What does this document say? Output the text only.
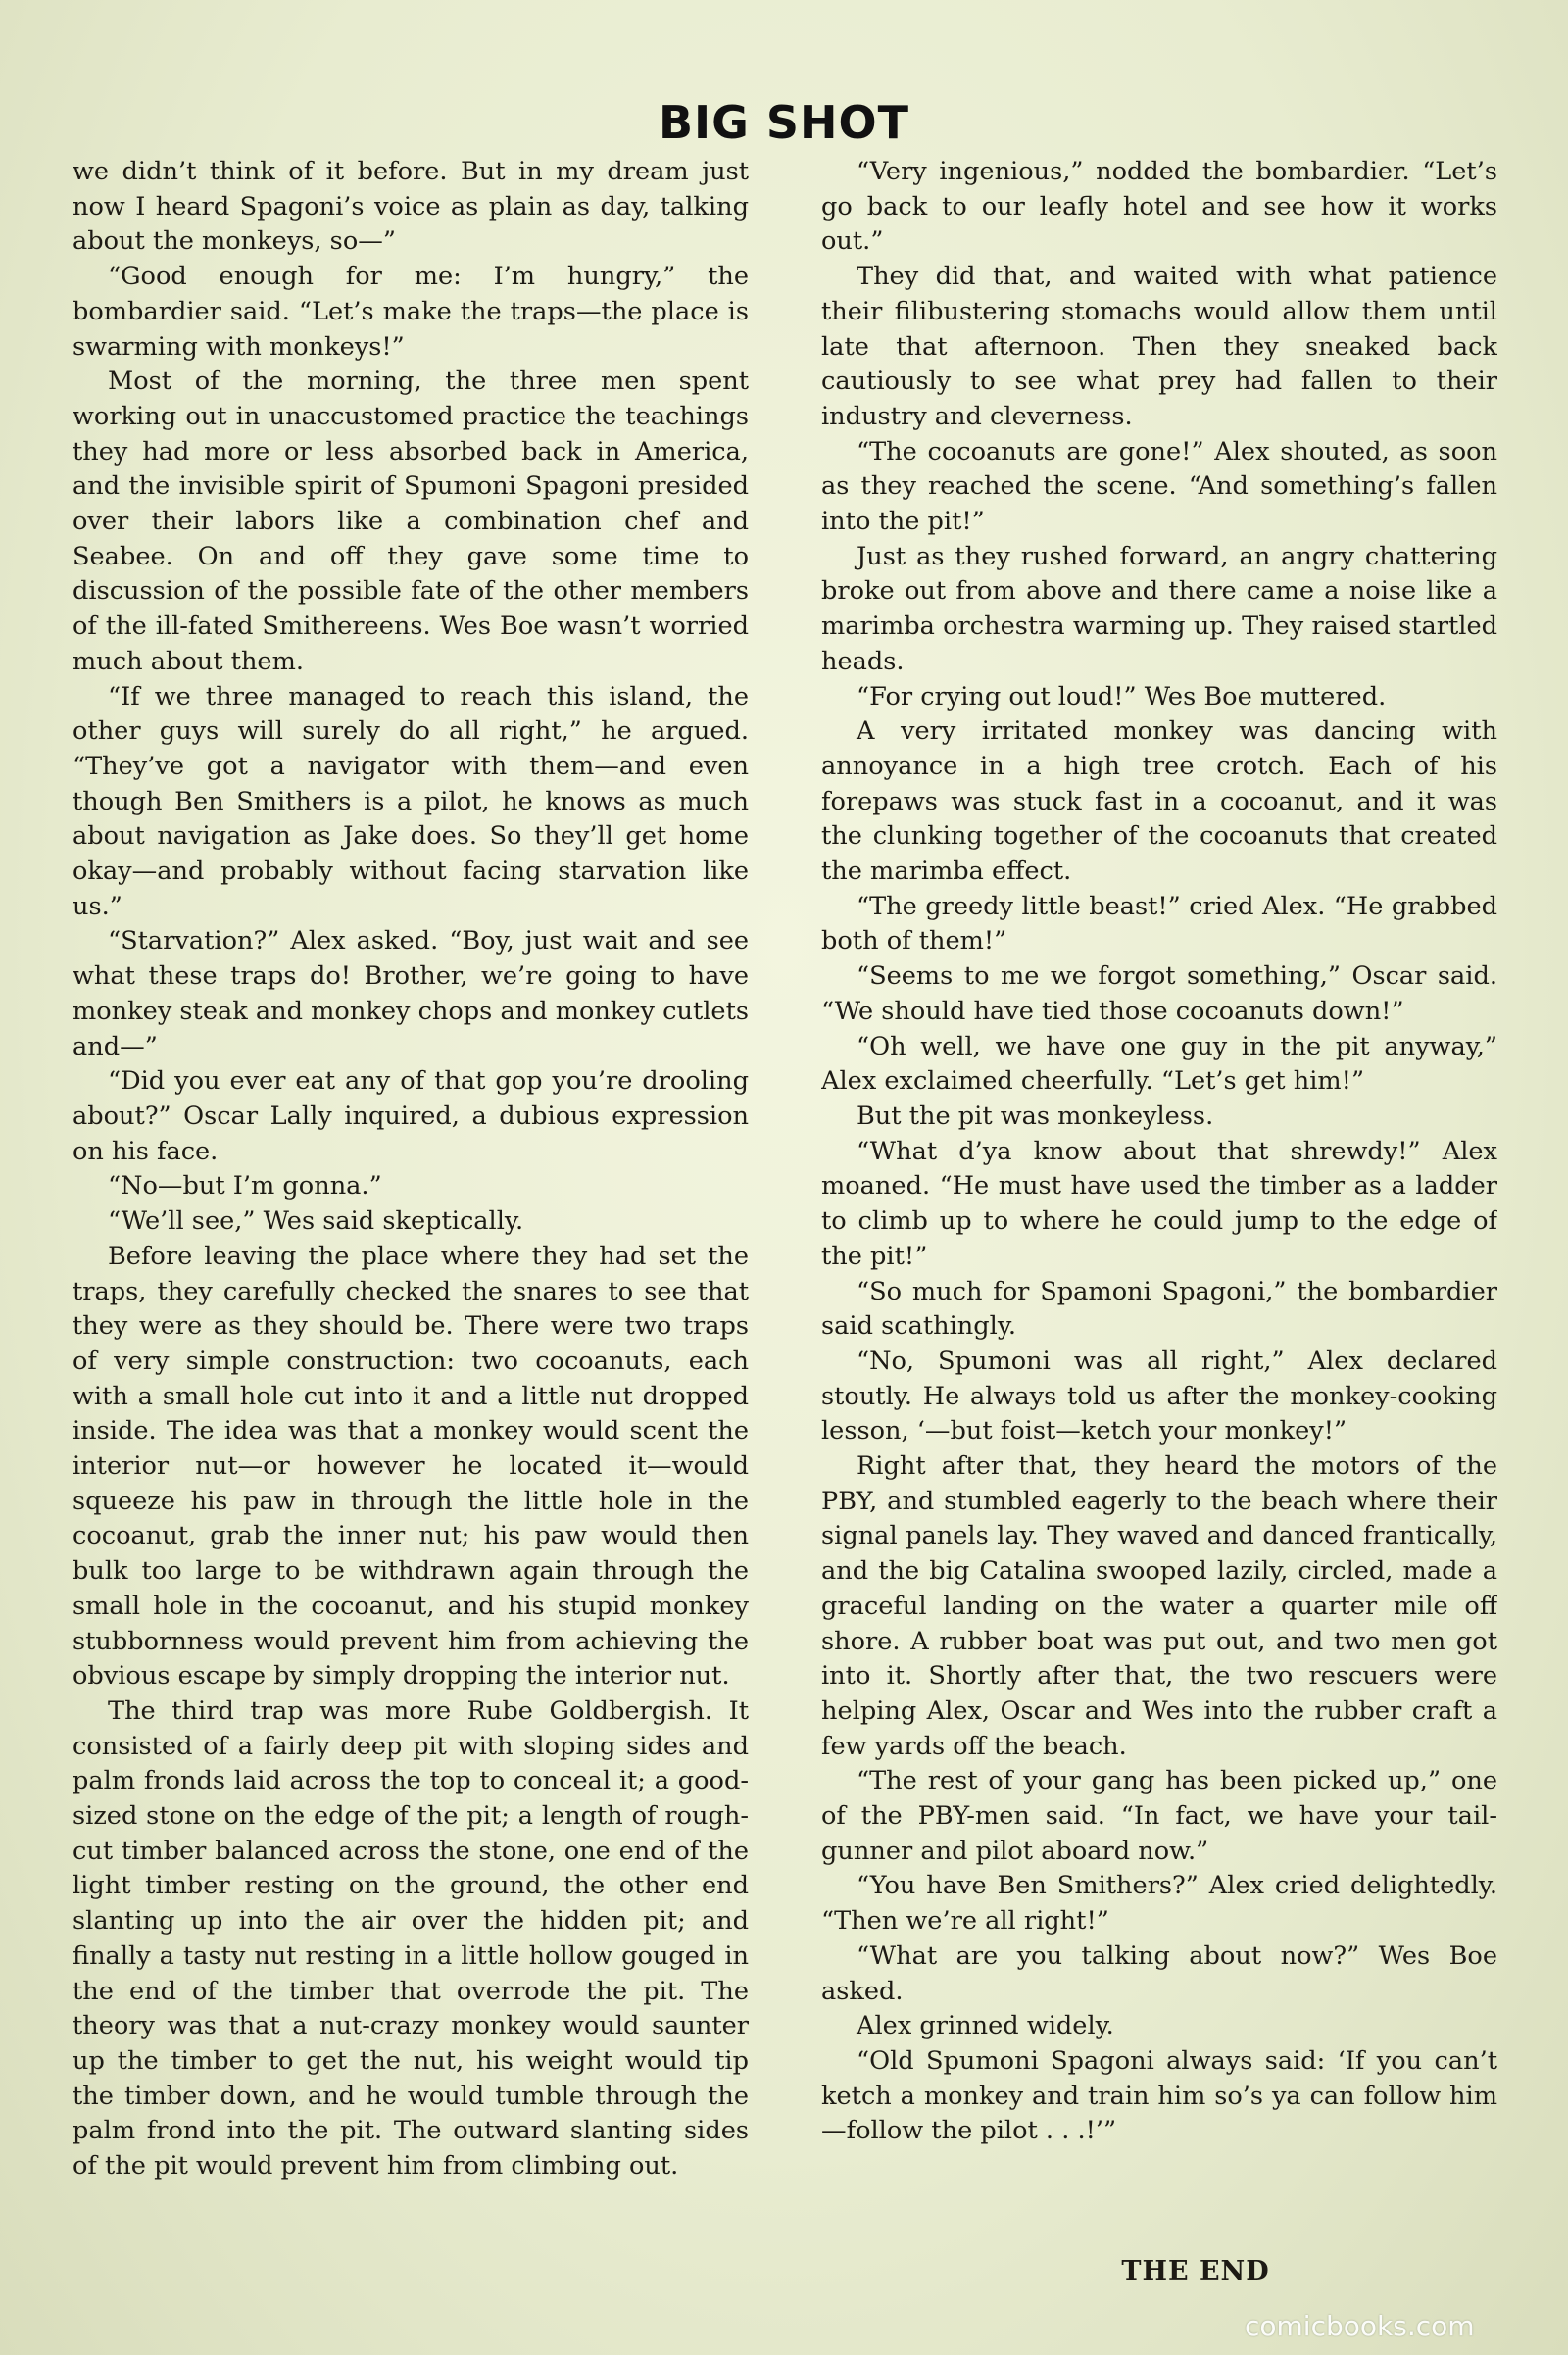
BIG SHOT

we didn’t think of it before. But in my dream just now I heard Spagoni’s voice as plain as day, talking about the monkeys, so—”

“Good enough for me: I’m hungry,” the bombardier said. “Let’s make the traps—the place is swarming with monkeys!”

Most of the morning, the three men spent working out in unaccustomed practice the teachings they had more or less absorbed back in America, and the invisible spirit of Spumoni Spagoni presided over their labors like a combination chef and Seabee. On and off they gave some time to discussion of the possible fate of the other members of the ill-fated Smithereens. Wes Boe wasn’t worried much about them.

“If we three managed to reach this island, the other guys will surely do all right,” he argued. “They’ve got a navigator with them—and even though Ben Smithers is a pilot, he knows as much about navigation as Jake does. So they’ll get home okay—and probably without facing starvation like us.”

“Starvation?” Alex asked. “Boy, just wait and see what these traps do! Brother, we’re going to have monkey steak and monkey chops and monkey cutlets and—”

“Did you ever eat any of that gop you’re drooling about?” Oscar Lally inquired, a dubious expression on his face.

“No—but I’m gonna.”

“We’ll see,” Wes said skeptically.

Before leaving the place where they had set the traps, they carefully checked the snares to see that they were as they should be. There were two traps of very simple construction: two cocoanuts, each with a small hole cut into it and a little nut dropped inside. The idea was that a monkey would scent the interior nut—or however he located it—would squeeze his paw in through the little hole in the cocoanut, grab the inner nut; his paw would then bulk too large to be withdrawn again through the small hole in the cocoanut, and his stupid monkey stubbornness would prevent him from achieving the obvious escape by simply dropping the interior nut.

The third trap was more Rube Goldbergish. It consisted of a fairly deep pit with sloping sides and palm fronds laid across the top to conceal it; a good-sized stone on the edge of the pit; a length of rough-cut timber balanced across the stone, one end of the light timber resting on the ground, the other end slanting up into the air over the hidden pit; and finally a tasty nut resting in a little hollow gouged in the end of the timber that overrode the pit. The theory was that a nut-crazy monkey would saunter up the timber to get the nut, his weight would tip the timber down, and he would tumble through the palm frond into the pit. The outward slanting sides of the pit would prevent him from climbing out.

“Very ingenious,” nodded the bombardier. “Let’s go back to our leafly hotel and see how it works out.”

They did that, and waited with what patience their filibustering stomachs would allow them until late that afternoon. Then they sneaked back cautiously to see what prey had fallen to their industry and cleverness.

“The cocoanuts are gone!” Alex shouted, as soon as they reached the scene. “And something’s fallen into the pit!”

Just as they rushed forward, an angry chattering broke out from above and there came a noise like a marimba orchestra warming up. They raised startled heads.

“For crying out loud!” Wes Boe muttered.

A very irritated monkey was dancing with annoyance in a high tree crotch. Each of his forepaws was stuck fast in a cocoanut, and it was the clunking together of the cocoanuts that created the marimba effect.

“The greedy little beast!” cried Alex. “He grabbed both of them!”

“Seems to me we forgot something,” Oscar said. “We should have tied those cocoanuts down!”

“Oh well, we have one guy in the pit anyway,” Alex exclaimed cheerfully. “Let’s get him!”

But the pit was monkeyless.

“What d’ya know about that shrewdy!” Alex moaned. “He must have used the timber as a ladder to climb up to where he could jump to the edge of the pit!”

“So much for Spamoni Spagoni,” the bombardier said scathingly.

“No, Spumoni was all right,” Alex declared stoutly. He always told us after the monkey-cooking lesson, ‘—but foist—ketch your monkey!”

Right after that, they heard the motors of the PBY, and stumbled eagerly to the beach where their signal panels lay. They waved and danced frantically, and the big Catalina swooped lazily, circled, made a graceful landing on the water a quarter mile off shore. A rubber boat was put out, and two men got into it. Shortly after that, the two rescuers were helping Alex, Oscar and Wes into the rubber craft a few yards off the beach.

“The rest of your gang has been picked up,” one of the PBY-men said. “In fact, we have your tail-gunner and pilot aboard now.”

“You have Ben Smithers?” Alex cried delightedly. “Then we’re all right!”

“What are you talking about now?” Wes Boe asked.

Alex grinned widely.

“Old Spumoni Spagoni always said: ‘If you can’t ketch a monkey and train him so’s ya can follow him—follow the pilot . . .!’”

THE END
comicbooks.com
